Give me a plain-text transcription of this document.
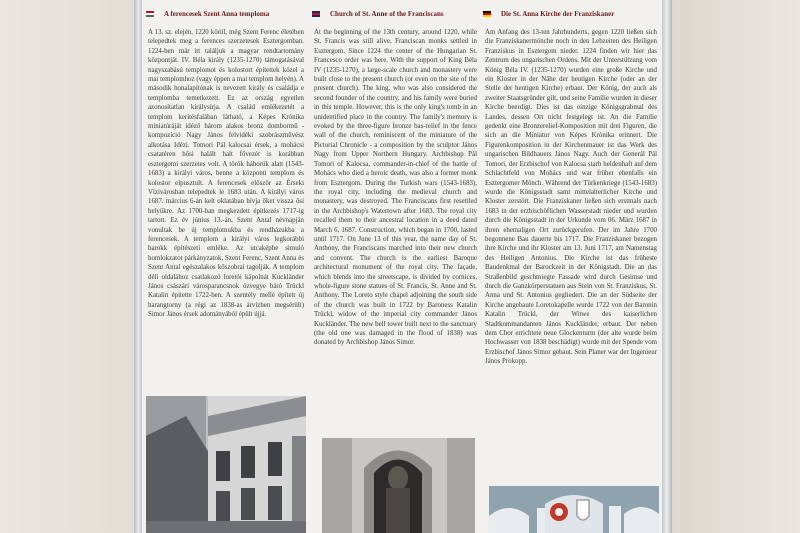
A ferencesek Szent Anna temploma
A 13. sz. elején, 1220 körül, még Szent Ferenc életében telepedtek meg a ferences szerzetesek Esztergomban. 1224-ben már itt találjuk a magyar rendtartomány központját. IV. Béla király (1235-1270) támogatásával nagyszabású templomot és kolostort építettek közel a mai templomhoz (vagy éppen a mai templom helyén). A második honalapítónak is nevezett király és családja e templomba temetkezett. Ez az ország egyetlen azonosítatlan királysírja. A család emlékezetét a templom kerítésfalában látható, a Képes Krónika miniatúráját idéző három alakos bronz dombormű - kompozíció Nagy János felvidéki szobrászművész alkotása Idézi. Tomori Pál kalocsai érsek, a mohácsi csatatéren hősi halált halt fővezér is korábban esztergomi szerzetes volt. A török háborúk alatt (1543-1683) a királyi város, benne a központi templom és kolostor elpusztult. A ferencesek először az Érseki Vízivárosban telepedtek le 1683 után. A királyi város 1687. március 6-án kelt oklatában hívja őket vissza ősi helyükre. Az 1700-ban megkezdett építkezés 1717-ig tartott. Ez év június 13.-án, Szent Antal névnapján vonultak be új templomukba és rendházukba a ferencesek. A templom a királyi város legkorábbi barokk építészeti emléke. Az utcaképbe simuló homlokzatot párkányzatok, Szent Ferenc, Szent Anna és Szent Antal egészalakos kőszobrai tagolják. A templom déli oldalához csatlakozó loretói kápolnát Kuckländer János császári városparancsnok özvegye báró Trückl Katalin építette 1722-ben. A szentély mellé épített új harangtorny (a régi az 1838-as árvízben megsérült) Simor János érsek adományából épült újjá.
Church of St. Anne of the Franciscans
At the beginning of the 13th century, around 1220, while St. Francis was still alive, Franciscan monks settled in Esztergom. Since 1224 the center of the Hungarian St. Francesco order was here. With the support of King Béla IV (1235-1270), a large-scale church and monastery were built close to the present church (or even on the site of the present church). The king, who was also considered the second founder of the country, and his family were buried in this temple. However, this is the only king's tomb in an unidentified place in the country. The family's memory is evoked by the three-figure bronze bas-relief in the fence wall of the church, reminiscent of the miniature of the Pictorial Chronicle - a composition by the sculptor János Nagy from Upper Northern Hungary. Archbishop Pál Tomori of Kalocsa, commander-in-chief of the battle of Mohács who died a heroic death, was also a former monk from Esztergom. During the Turkish wars (1543-1683), the royal city, including the medieval church and monastery, was destroyed. The Franciscans first resettled in the Archbishop's Watertown after 1683. The royal city recalled them to their ancestral location in a deed dated March 6, 1687. Construction, which began in 1700, lasted until 1717. On June 13 of this year, the name day of St. Anthony, the Franciscans marched into their new church and convent. The church is the earliest Baroque architectural monument of the royal city. The façade, which blends into the streetscape, is divided by cornices, whole-figure stone statues of St. Francis, St. Anne and St. Anthony. The Loreto style chapel adjoining the south side of the church was built in 1722 by Baroness Katalin Trückl, widow of the imperial city commander János Kuckländer. The new bell tower built next to the sanctuary (the old one was damaged in the flood of 1838) was donated by Archbishop János Simor.
Die St. Anna Kirche der Franziskaner
Am Anfang des 13-ten Jahrhunderts, gegen 1220 ließen sich die Franziskanermönche noch in den Lebzeiten des Heiligen Franziskus in Esztergom nieder. 1224 finden wir hier das Zentrum des ungarischen Ordens. Mit der Unterstützung vom König Béla IV. (1235-1270) wurden eine große Kirche und ein Kloster in der Nähe der heutigen Kirche (oder an der Stelle der heutigen Kirche) erbaut. Der König, der auch als zweiter Staatsgründer gilt, und seine Familie wurden in dieser Kirche beerdigt. Dies ist das einzige Königsgrabmal des Landes, dessen Ort nicht festgelegt ist. An die Familie gedenkt eine Bronzerelief-Komposition mit drei Figuren, die sich an die Miniatur von Képes Krónika erinnert. Die Figurenkomposition in der Kirchenmauer ist das Werk des ungarischen Bildhauers János Nagy. Auch der Generál Pál Tomori, der Erzbischof von Kalocsa starb heldenhaft auf dem Schlachtfeld von Mohács und war früher ebenfalls ein Esztergomer Mönch. Während der Türkenkriege (1543-1683) wurde die Königsstadt samt mittelalterlicher Kirche und Kloster zerstört. Die Franziskaner ließen sich erstmals nach 1683 in der erzbischöflichen Wasserstadt nieder und wurden durch die Königsstadt in der Urkunde vom 06. März 1687 in ihren ehemaligen Ort zurückgerufen. Der im Jahre 1700 begonnene Bau dauerte bis 1717. Die Franziskaner bezogen ihre Kirche und ihr Kloster am 13. Juni 1717, am Namenstag des Heiligen Antonius. Die Kirche ist das früheste Baudenkmal der Barockzeit in der Königstadt. Die an das Straßenbild geschmiegte Fassade wird durch Gesimse und durch die Ganzkörperstatuen aus Stein von St. Franziskus, St. Anna und St. Antonius gegliedert. Die an der Südseite der Kirche angebaute Loretokapelle wurde 1722 von der Baronin Katalin Trückl, der Witwe des kaiserlichen Stadtkommandanten János Kuckländer, erbaut. Der neben dem Chor errichtete neue Glockenturm (der alte wurde beim Hochwasser von 1838 beschädigt) wurde mit der Spende vom Erzbischof János Simor gebaut. Sein Planer war der Ingenieur János Prokopp.
